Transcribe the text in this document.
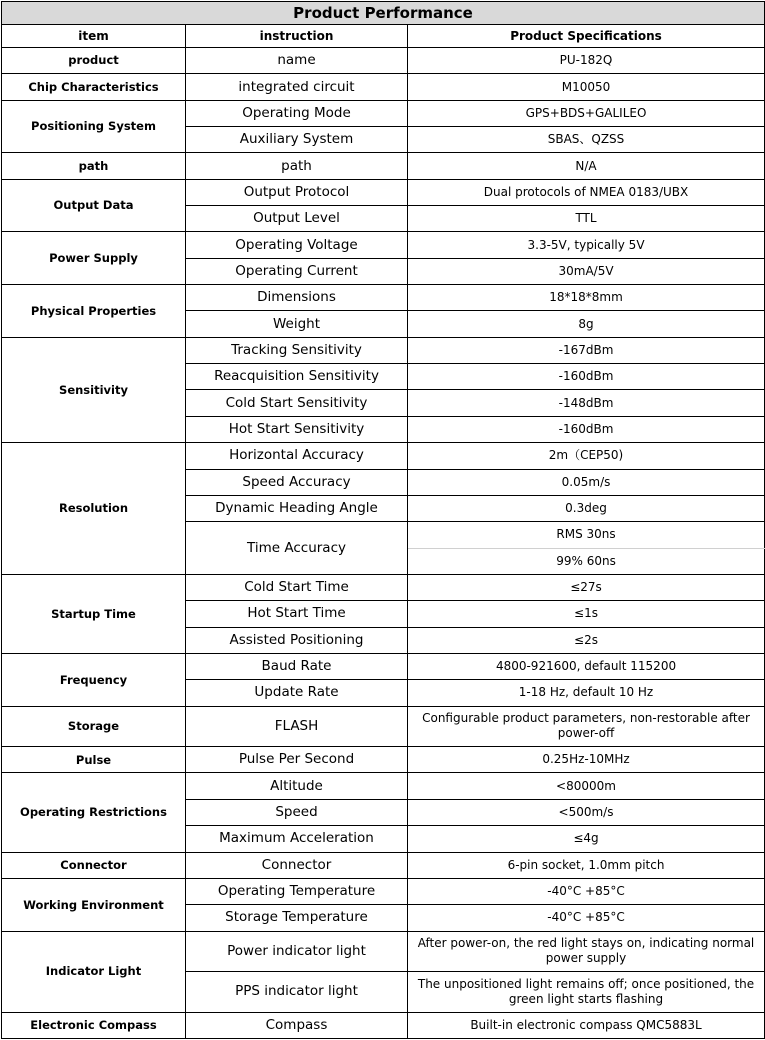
Product Performance		
item	instruction	Product Specifications
product	name	PU-182Q
Chip Characteristics	integrated circuit	M10050
Positioning System	Operating Mode	GPS+BDS+GALILEO
	Auxiliary System	SBAS、QZSS
path	path	N/A
Output Data	Output Protocol	Dual protocols of NMEA 0183/UBX
	Output Level	TTL
Power Supply	Operating Voltage	3.3-5V, typically 5V
	Operating Current	30mA/5V
Physical Properties	Dimensions	18*18*8mm
	Weight	8g
Sensitivity	Tracking Sensitivity	-167dBm
	Reacquisition Sensitivity	-160dBm
	Cold Start Sensitivity	-148dBm
	Hot Start Sensitivity	-160dBm
Resolution	Horizontal Accuracy	2m（CEP50)
	Speed Accuracy	0.05m/s
	Dynamic Heading Angle	0.3deg
	Time Accuracy	RMS 30ns
		99% 60ns
Startup Time	Cold Start Time	≤27s
	Hot Start Time	≤1s
	Assisted Positioning	≤2s
Frequency	Baud Rate	4800-921600, default 115200
	Update Rate	1-18 Hz, default 10 Hz
Storage	FLASH	Configurable product parameters, non-restorable after power-off
Pulse	Pulse Per Second	0.25Hz-10MHz
Operating Restrictions	Altitude	<80000m
	Speed	<500m/s
	Maximum Acceleration	≤4g
Connector	Connector	6-pin socket, 1.0mm pitch
Working Environment	Operating Temperature	-40°C +85°C
	Storage Temperature	-40°C +85°C
Indicator Light	Power indicator light	After power-on, the red light stays on, indicating normal power supply
	PPS indicator light	The unpositioned light remains off; once positioned, the green light starts flashing
Electronic Compass	Compass	Built-in electronic compass QMC5883L
